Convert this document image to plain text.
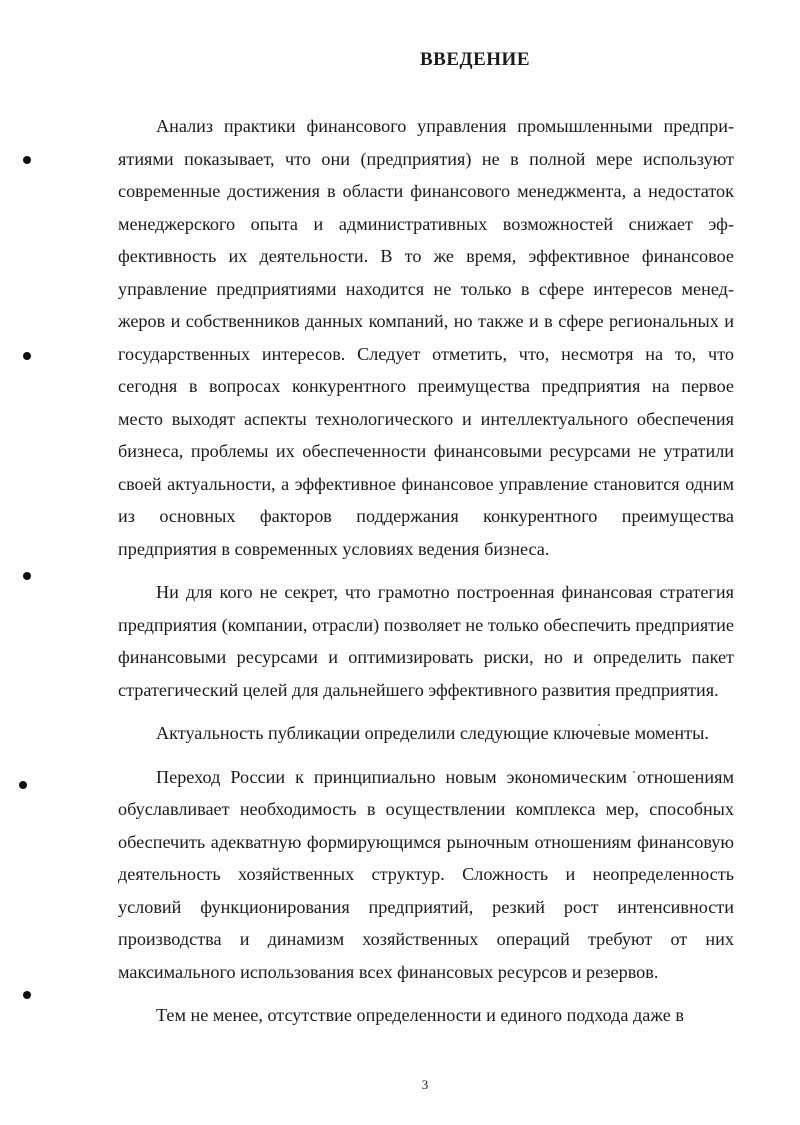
ВВЕДЕНИЕ

Анализ практики финансового управления промышленными предприятиями показывает, что они (предприятия) не в полной мере используют современные достижения в области финансового менеджмента, а недостаток менеджерского опыта и административных возможностей снижает эффективность их деятельности. В то же время, эффективное финансовое управление предприятиями находится не только в сфере интересов менеджеров и собственников данных компаний, но также и в сфере региональных и государственных интересов. Следует отметить, что, несмотря на то, что сегодня в вопросах конкурентного преимущества предприятия на первое место выходят аспекты технологического и интеллектуального обеспечения бизнеса, проблемы их обеспеченности финансовыми ресурсами не утратили своей актуальности, а эффективное финансовое управление становится одним из основных факторов поддержания конкурентного преимущества предприятия в современных условиях ведения бизнеса.

Ни для кого не секрет, что грамотно построенная финансовая стратегия предприятия (компании, отрасли) позволяет не только обеспечить предприятие финансовыми ресурсами и оптимизировать риски, но и определить пакет стратегический целей для дальнейшего эффективного развития предприятия.

Актуальность публикации определили следующие ключевые моменты.

Переход России к принципиально новым экономическим отношениям обуславливает необходимость в осуществлении комплекса мер, способных обеспечить адекватную формирующимся рыночным отношениям финансовую деятельность хозяйственных структур. Сложность и неопределенность условий функционирования предприятий, резкий рост интенсивности производства и динамизм хозяйственных операций требуют от них максимального использования всех финансовых ресурсов и резервов.

Тем не менее, отсутствие определенности и единого подхода даже в

3
